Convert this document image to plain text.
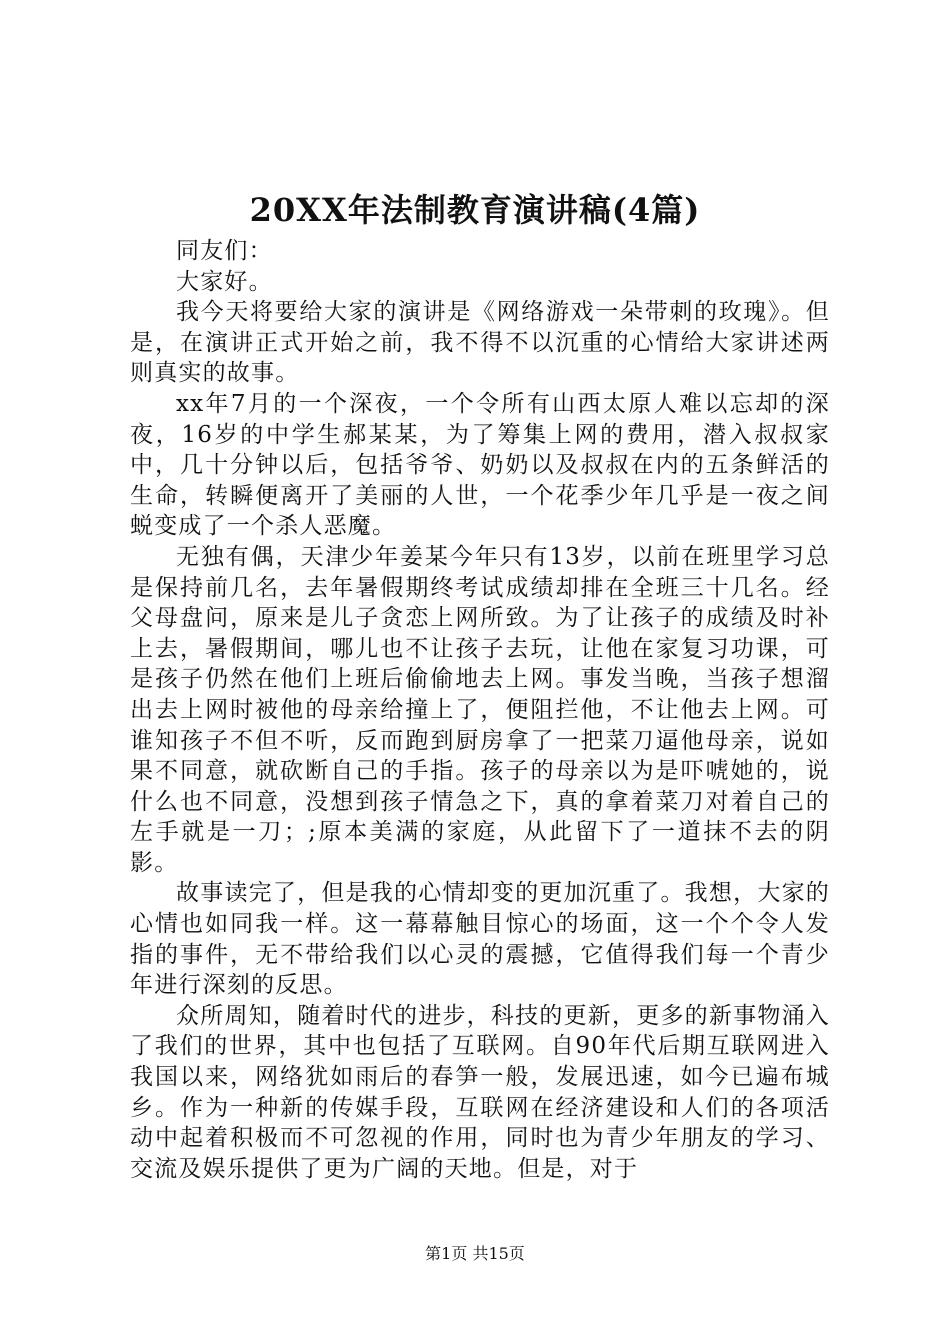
20XX年法制教育演讲稿(4篇)

同友们：

大家好。

我今天将要给大家的演讲是《网络游戏一朵带刺的玫瑰》。但是，在演讲正式开始之前，我不得不以沉重的心情给大家讲述两则真实的故事。

xx年7月的一个深夜，一个令所有山西太原人难以忘却的深夜，16岁的中学生郝某某，为了筹集上网的费用，潜入叔叔家中，几十分钟以后，包括爷爷、奶奶以及叔叔在内的五条鲜活的生命，转瞬便离开了美丽的人世，一个花季少年几乎是一夜之间蜕变成了一个杀人恶魔。

无独有偶，天津少年姜某今年只有13岁，以前在班里学习总是保持前几名，去年暑假期终考试成绩却排在全班三十几名。经父母盘问，原来是儿子贪恋上网所致。为了让孩子的成绩及时补上去，暑假期间，哪儿也不让孩子去玩，让他在家复习功课，可是孩子仍然在他们上班后偷偷地去上网。事发当晚，当孩子想溜出去上网时被他的母亲给撞上了，便阻拦他，不让他去上网。可谁知孩子不但不听，反而跑到厨房拿了一把菜刀逼他母亲，说如果不同意，就砍断自己的手指。孩子的母亲以为是吓唬她的，说什么也不同意，没想到孩子情急之下，真的拿着菜刀对着自己的左手就是一刀；;原本美满的家庭，从此留下了一道抹不去的阴影。

故事读完了，但是我的心情却变的更加沉重了。我想，大家的心情也如同我一样。这一幕幕触目惊心的场面，这一个个令人发指的事件，无不带给我们以心灵的震撼，它值得我们每一个青少年进行深刻的反思。

众所周知，随着时代的进步，科技的更新，更多的新事物涌入了我们的世界，其中也包括了互联网。自90年代后期互联网进入我国以来，网络犹如雨后的春笋一般，发展迅速，如今已遍布城乡。作为一种新的传媒手段，互联网在经济建设和人们的各项活动中起着积极而不可忽视的作用，同时也为青少年朋友的学习、交流及娱乐提供了更为广阔的天地。但是，对于

第1页 共15页
